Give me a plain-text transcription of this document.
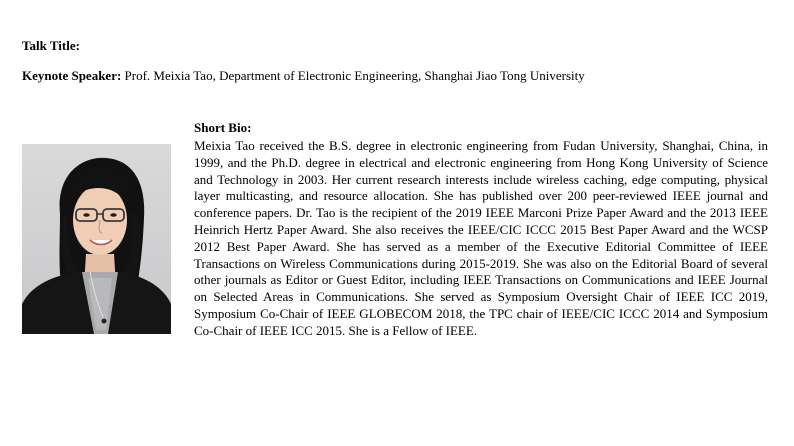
Talk Title:
Keynote Speaker: Prof. Meixia Tao, Department of Electronic Engineering, Shanghai Jiao Tong University
Short Bio:
Meixia Tao received the B.S. degree in electronic engineering from Fudan University, Shanghai, China, in 1999, and the Ph.D. degree in electrical and electronic engineering from Hong Kong University of Science and Technology in 2003. Her current research interests include wireless caching, edge computing, physical layer multicasting, and resource allocation. She has published over 200 peer-reviewed IEEE journal and conference papers. Dr. Tao is the recipient of the 2019 IEEE Marconi Prize Paper Award and the 2013 IEEE Heinrich Hertz Paper Award. She also receives the IEEE/CIC ICCC 2015 Best Paper Award and the WCSP 2012 Best Paper Award. She has served as a member of the Executive Editorial Committee of IEEE Transactions on Wireless Communications during 2015-2019. She was also on the Editorial Board of several other journals as Editor or Guest Editor, including IEEE Transactions on Communications and IEEE Journal on Selected Areas in Communications. She served as Symposium Oversight Chair of IEEE ICC 2019, Symposium Co-Chair of IEEE GLOBECOM 2018, the TPC chair of IEEE/CIC ICCC 2014 and Symposium Co-Chair of IEEE ICC 2015. She is a Fellow of IEEE.
